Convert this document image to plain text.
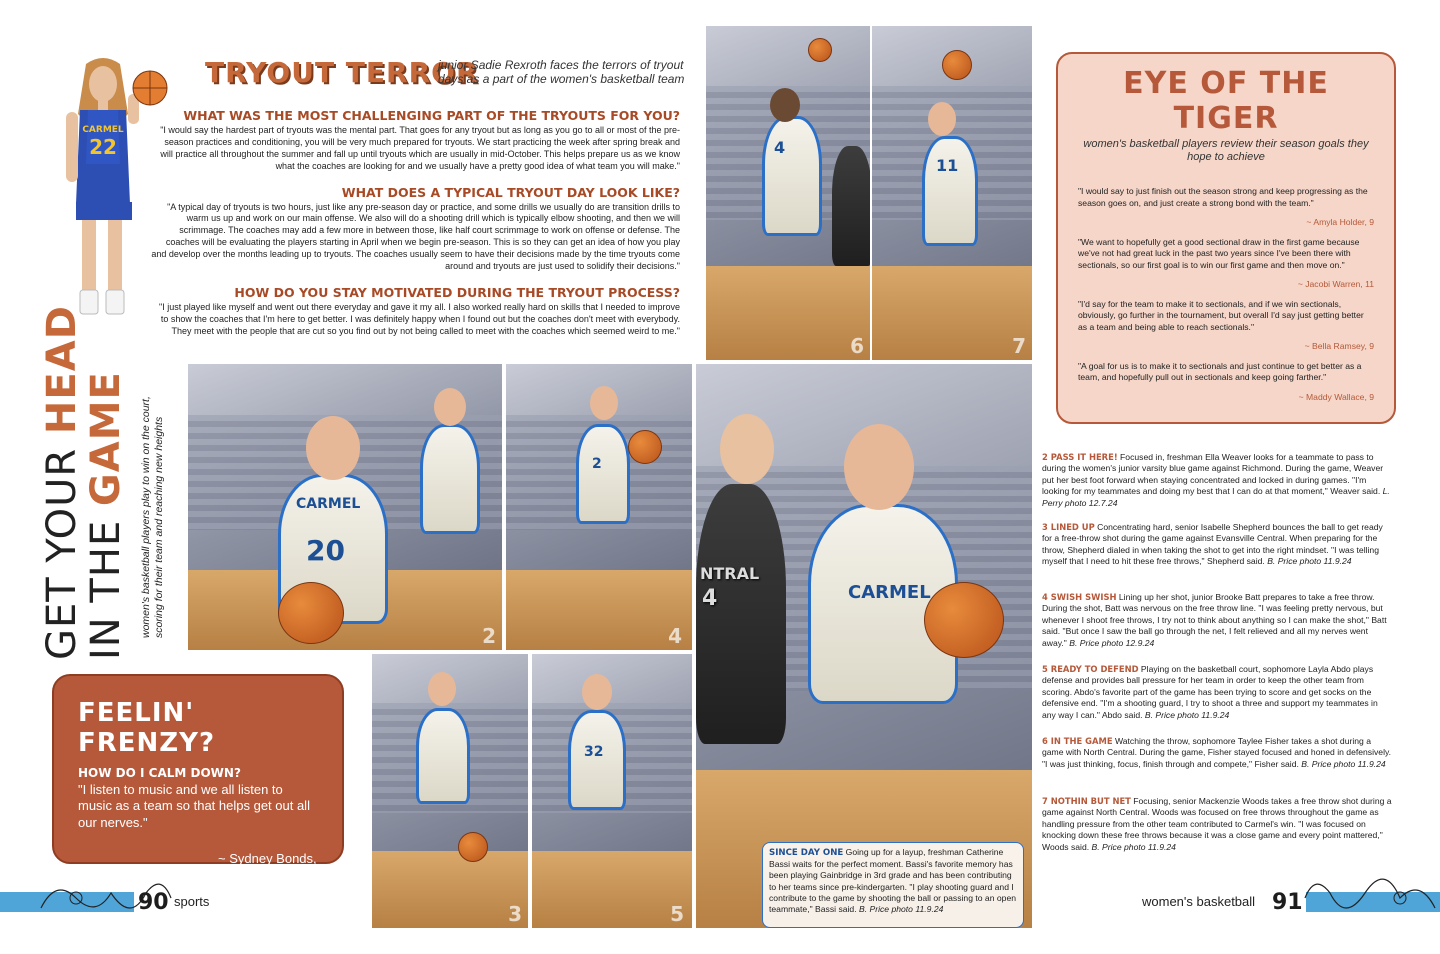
CARMEL
22
TRYOUT TERROR
junior Sadie Rexroth faces the terrors of tryout days as a part of the women's basketball team
WHAT WAS THE MOST CHALLENGING PART OF THE TRYOUTS FOR YOU?
"I would say the hardest part of tryouts was the mental part. That goes for any tryout but as long as you go to all or most of the pre-season practices and conditioning, you will be very much prepared for tryouts. We start practicing the week after spring break and will practice all throughout the summer and fall up until tryouts which are usually in mid-October. This helps prepare us as we know what the coaches are looking for and we usually have a pretty good idea of what team you will make."
WHAT DOES A TYPICAL TRYOUT DAY LOOK LIKE?
"A typical day of tryouts is two hours, just like any pre-season day or practice, and some drills we usually do are transition drills to warm us up and work on our main offense. We also will do a shooting drill which is typically elbow shooting, and then we will scrimmage. The coaches may add a few more in between those, like half court scrimmage to work on offense or defense. The coaches will be evaluating the players starting in April when we begin pre-season. This is so they can get an idea of how you play and develop over the months leading up to tryouts. The coaches usually seem to have their decisions made by the time tryouts come around and tryouts are just used to solidify their decisions."
HOW DO YOU STAY MOTIVATED DURING THE TRYOUT PROCESS?
"I just played like myself and went out there everyday and gave it my all. I also worked really hard on skills that I needed to improve to show the coaches that I'm here to get better. I was definitely happy when I found out but the coaches don't meet with everybody. They meet with the people that are cut so you find out by not being called to meet with the coaches which seemed weird to me."
GET YOUR HEAD
IN THE GAME women's basketball players play to win on the court, scoring for their team and reaching new heights	CARMEL
20
2
2
4
3
32
5
FEELIN' FRENZY?
HOW DO I CALM DOWN?
"I listen to music and we all listen to music as a team so that helps get out all our nerves."
~ Sydney Bonds, 11
90 sports
4
6
11
7
CARMEL
NTRAL
4
SINCE DAY ONE Going up for a layup, freshman Catherine Bassi waits for the perfect moment. Bassi's favorite memory has been playing Gainbridge in 3rd grade and has been contributing to her teams since pre-kindergarten. "I play shooting guard and I contribute to the game by shooting the ball or passing to an open teammate," Bassi said. B. Price photo 11.9.24
EYE OF THE TIGER
women's basketball players review their season goals they hope to achieve
"I would say to just finish out the season strong and keep progressing as the season goes on, and just create a strong bond with the team."
~ Amyla Holder, 9
"We want to hopefully get a good sectional draw in the first game because we've not had great luck in the past two years since I've been there with sectionals, so our first goal is to win our first game and then move on."
~ Jacobi Warren, 11
"I'd say for the team to make it to sectionals, and if we win sectionals, obviously, go further in the tournament, but overall I'd say just getting better as a team and being able to reach sectionals."
~ Bella Ramsey, 9
"A goal for us is to make it to sectionals and just continue to get better as a team, and hopefully pull out in sectionals and keep going farther."
~ Maddy Wallace, 9
2 PASS IT HERE! Focused in, freshman Ella Weaver looks for a teammate to pass to during the women's junior varsity blue game against Richmond. During the game, Weaver put her best foot forward when staying concentrated and locked in during games. "I'm looking for my teammates and doing my best that I can do at that moment," Weaver said. L. Perry photo 12.7.24
3 LINED UP Concentrating hard, senior Isabelle Shepherd bounces the ball to get ready for a free-throw shot during the game against Evansville Central. When preparing for the throw, Shepherd dialed in when taking the shot to get into the right mindset. "I was telling myself that I need to hit these free throws," Shepherd said. B. Price photo 11.9.24
4 SWISH SWISH Lining up her shot, junior Brooke Batt prepares to take a free throw. During the shot, Batt was nervous on the free throw line. "I was feeling pretty nervous, but whenever I shoot free throws, I try not to think about anything so I can make the shot," Batt said. "But once I saw the ball go through the net, I felt relieved and all my nerves went away." B. Price photo 12.9.24
5 READY TO DEFEND Playing on the basketball court, sophomore Layla Abdo plays defense and provides ball pressure for her team in order to keep the other team from scoring. Abdo's favorite part of the game has been trying to score and get socks on the defensive end. "I'm a shooting guard, I try to shoot a three and support my teammates in any way I can." Abdo said. B. Price photo 11.9.24
6 IN THE GAME Watching the throw, sophomore Taylee Fisher takes a shot during a game with North Central. During the game, Fisher stayed focused and honed in defensively. "I was just thinking, focus, finish through and compete," Fisher said. B. Price photo 11.9.24
7 NOTHIN BUT NET Focusing, senior Mackenzie Woods takes a free throw shot during a game against North Central. Woods was focused on free throws throughout the game as handling pressure from the other team contributed to Carmel's win. "I was focused on knocking down these free throws because it was a close game and every point mattered," Woods said. B. Price photo 11.9.24
women's basketball 91
